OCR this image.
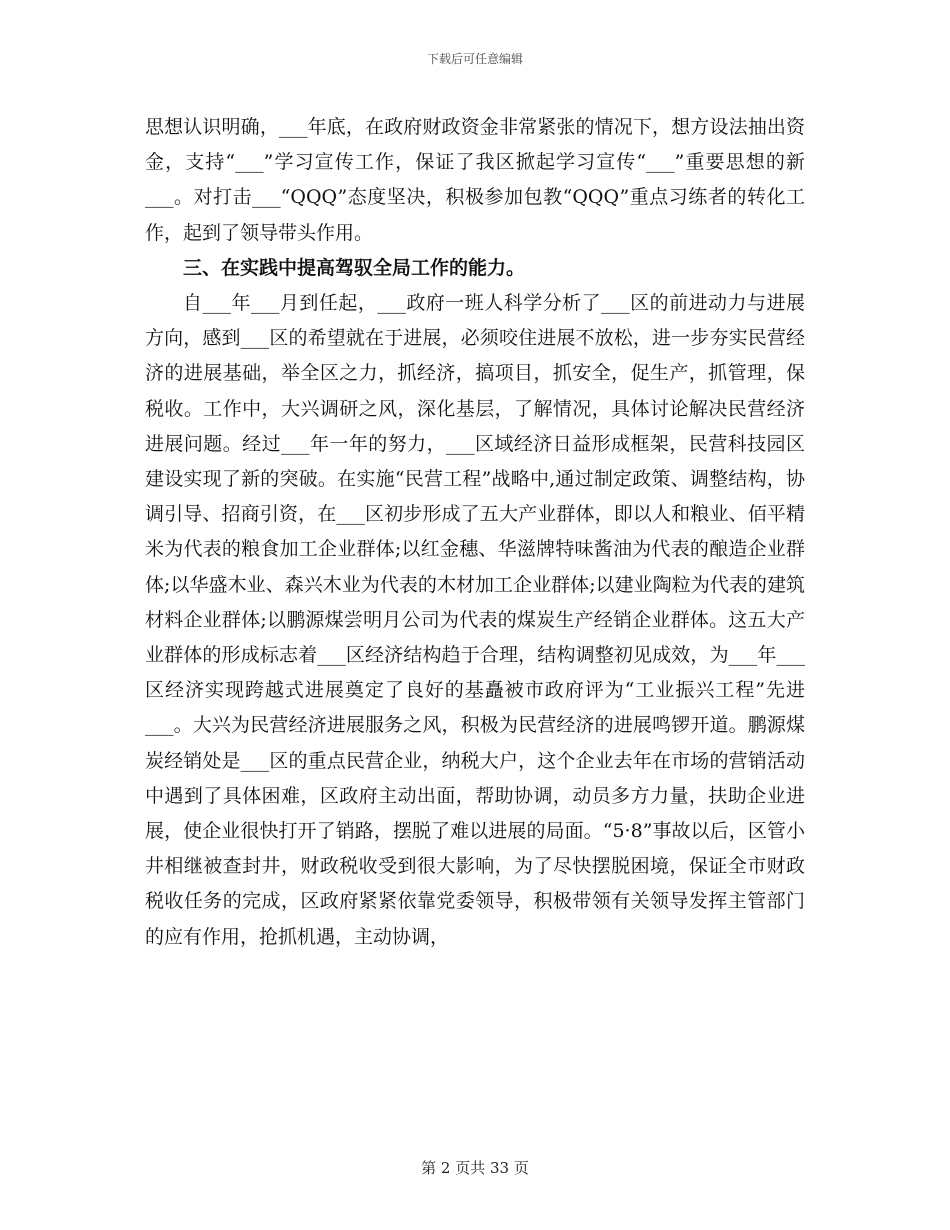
下载后可任意编辑

思想认识明确，___年底，在政府财政资金非常紧张的情况下，想方设法抽出资金，支持“___”学习宣传工作，保证了我区掀起学习宣传“___”重要思想的新___。对打击___“QQQ”态度坚决，积极参加包教“QQQ”重点习练者的转化工作，起到了领导带头作用。

三、在实践中提高驾驭全局工作的能力。

自___年___月到任起，___政府一班人科学分析了___区的前进动力与进展方向，感到___区的希望就在于进展，必须咬住进展不放松，进一步夯实民营经济的进展基础，举全区之力，抓经济，搞项目，抓安全，促生产，抓管理，保税收。工作中，大兴调研之风，深化基层，了解情况，具体讨论解决民营经济进展问题。经过___年一年的努力，___区域经济日益形成框架，民营科技园区建设实现了新的突破。在实施“民营工程”战略中,通过制定政策、调整结构，协调引导、招商引资，在___区初步形成了五大产业群体，即以人和粮业、佰平精米为代表的粮食加工企业群体;以红金穗、华滋牌特味酱油为代表的酿造企业群体;以华盛木业、森兴木业为代表的木材加工企业群体;以建业陶粒为代表的建筑材料企业群体;以鹏源煤尝明月公司为代表的煤炭生产经销企业群体。这五大产业群体的形成标志着___区经济结构趋于合理，结构调整初见成效，为___年___区经济实现跨越式进展奠定了良好的基矗被市政府评为“工业振兴工程”先进___。大兴为民营经济进展服务之风，积极为民营经济的进展鸣锣开道。鹏源煤炭经销处是___区的重点民营企业，纳税大户，这个企业去年在市场的营销活动中遇到了具体困难，区政府主动出面，帮助协调，动员多方力量，扶助企业进展，使企业很快打开了销路，摆脱了难以进展的局面。“5·8”事故以后，区管小井相继被查封井，财政税收受到很大影响，为了尽快摆脱困境，保证全市财政税收任务的完成，区政府紧紧依靠党委领导，积极带领有关领导发挥主管部门的应有作用，抢抓机遇，主动协调，

第 2 页共 33 页
